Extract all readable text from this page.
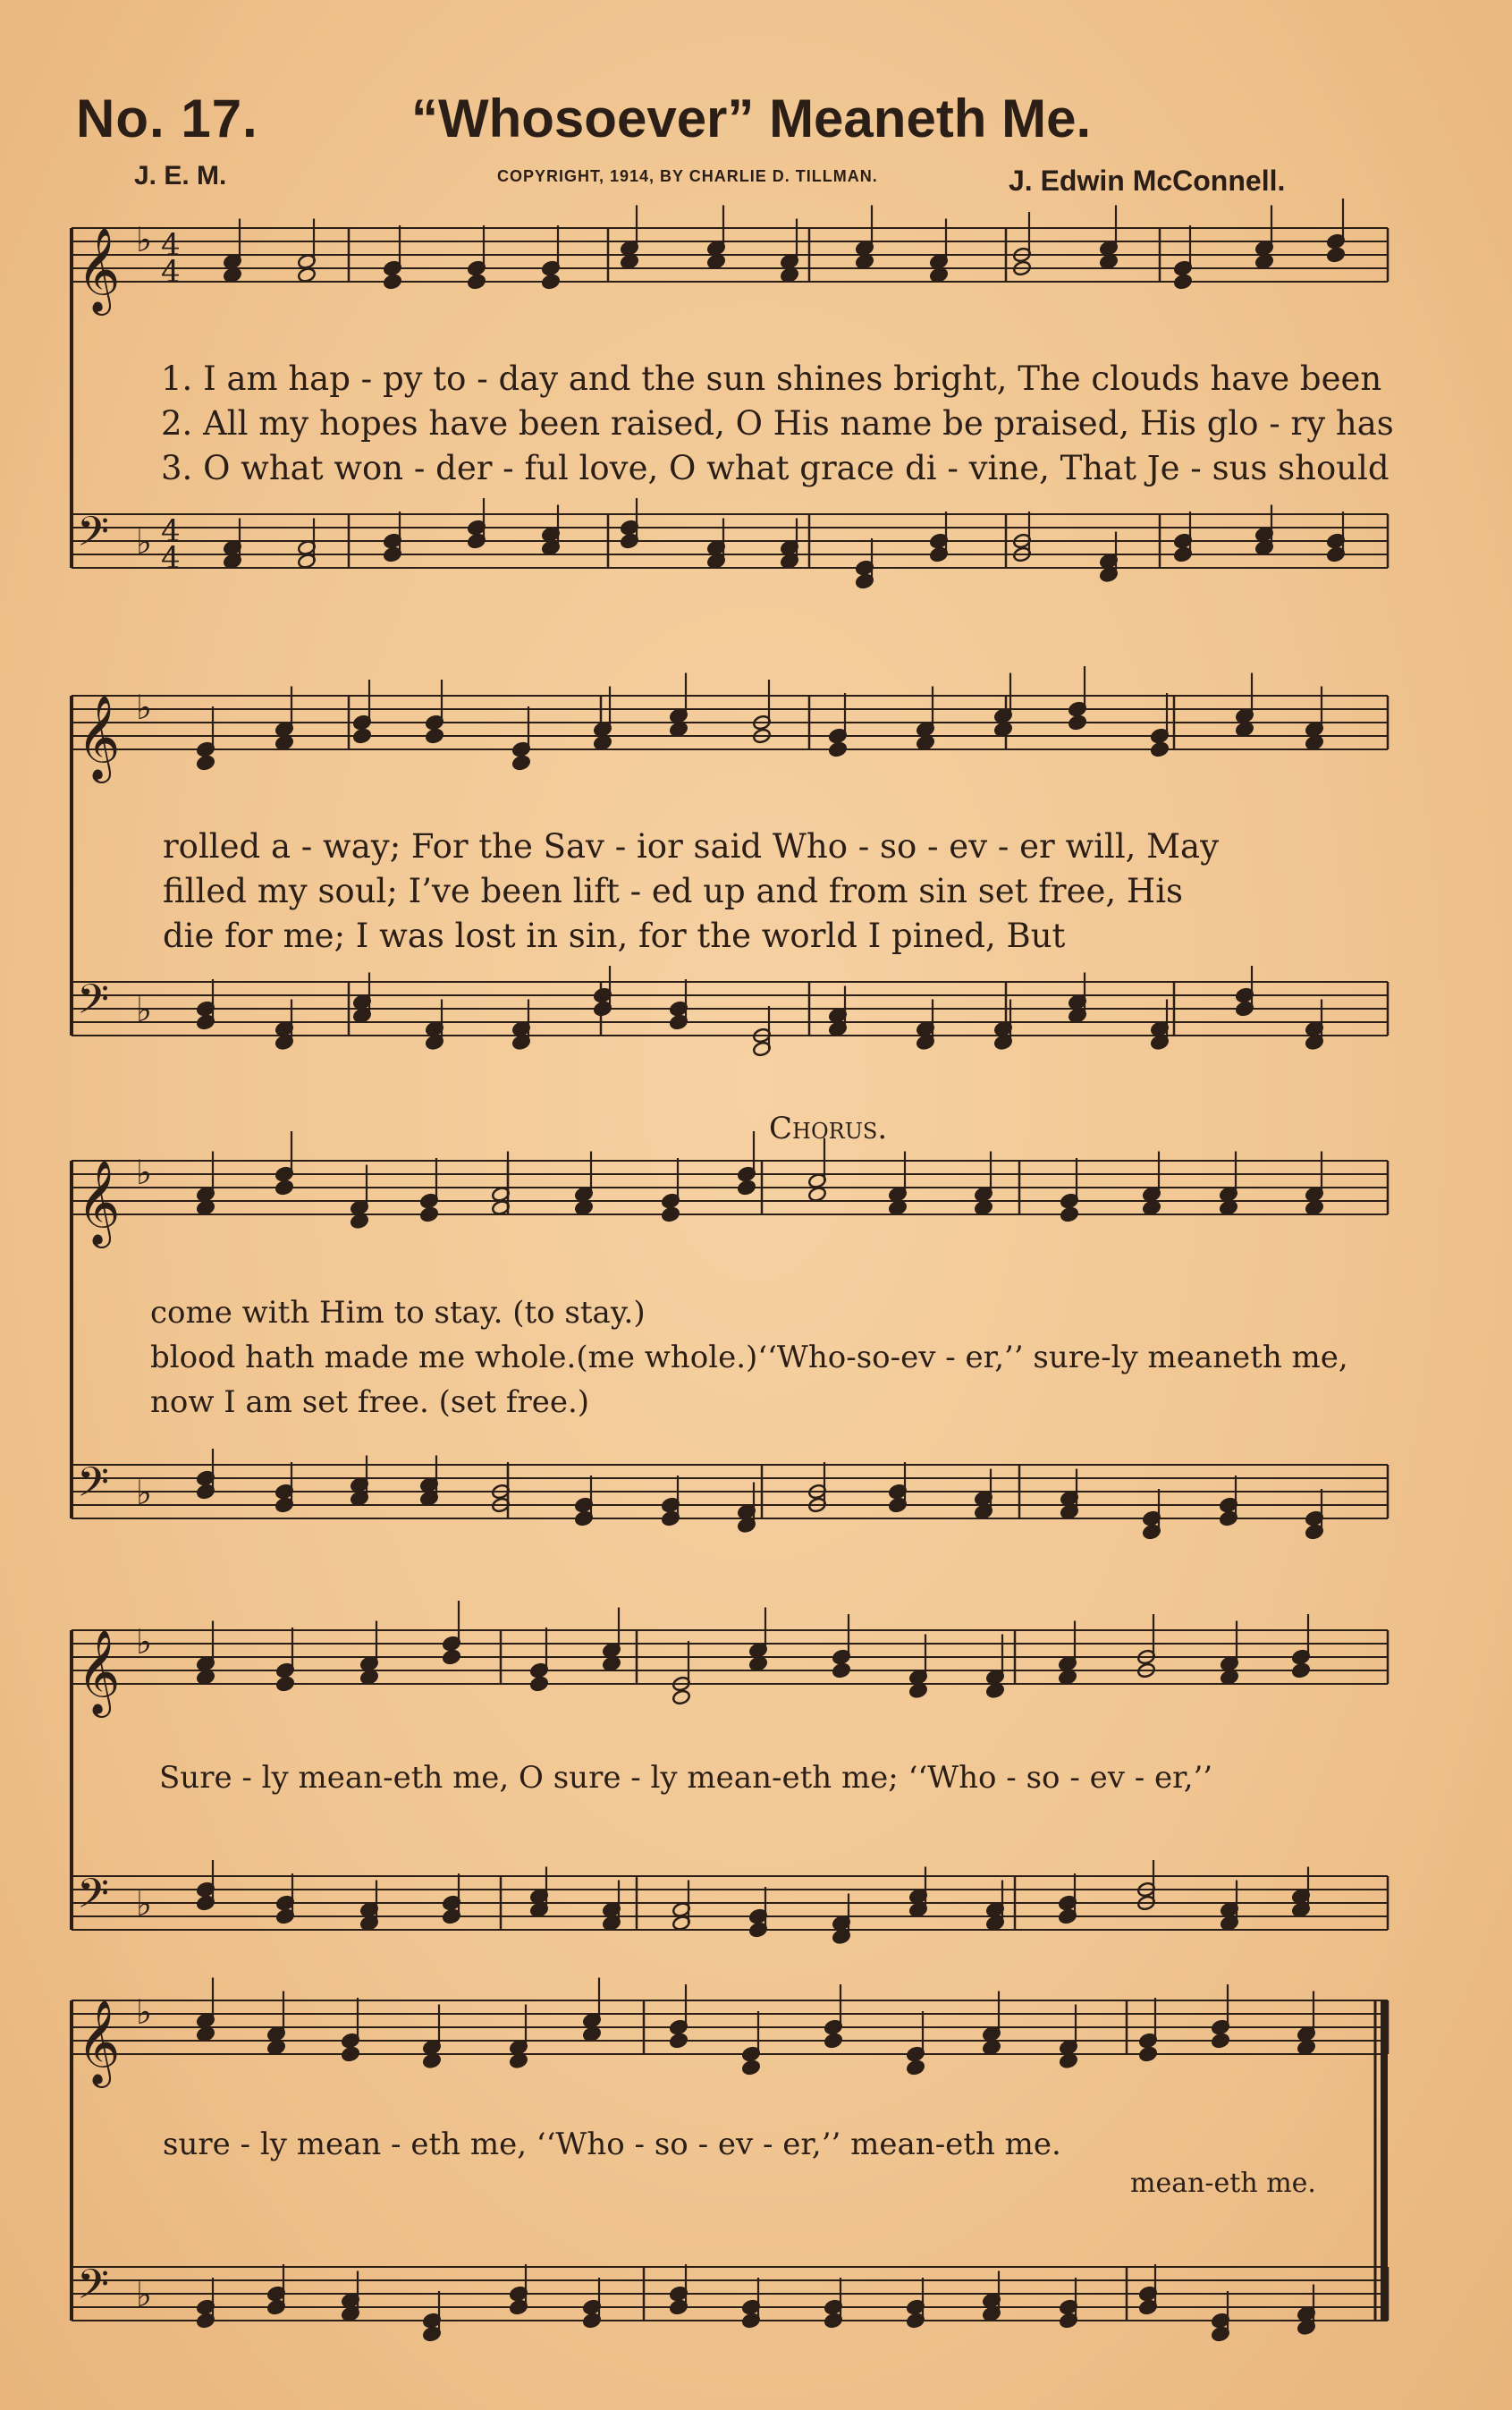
No. 17.	“Whosoever” Meaneth Me.
J. E. M.	COPYRIGHT, 1914, BY CHARLIE D. TILLMAN.	J. Edwin McConnell.
𝄞
𝄢
♭
♭
4
4
4
4
𝄞
𝄢
♭
♭
𝄞
𝄢
♭
♭
𝄞
𝄢
♭
♭
𝄞
𝄢
♭
♭
1. I am hap - py to - day and the sun shines bright, The clouds have been
2. All my hopes have been raised, O His name be praised, His glo - ry has
3. O what won - der - ful love, O what grace di - vine, That Je - sus should
rolled a - way; For the Sav - ior said Who - so - ev - er will, May
filled my soul; I’ve been lift - ed up and from sin set free, His
die for me; I was lost in sin, for the world I pined, But
Chorus.
come with Him to stay. (to stay.)
blood hath made me whole.(me whole.)‘‘Who-so-ev - er,’’ sure-ly meaneth me,
now I am set free. (set free.)
Sure - ly mean-eth me, O sure - ly mean-eth me; ‘‘Who - so - ev - er,’’
sure - ly mean - eth me, ‘‘Who - so - ev - er,’’ mean-eth me.
mean-eth me.
